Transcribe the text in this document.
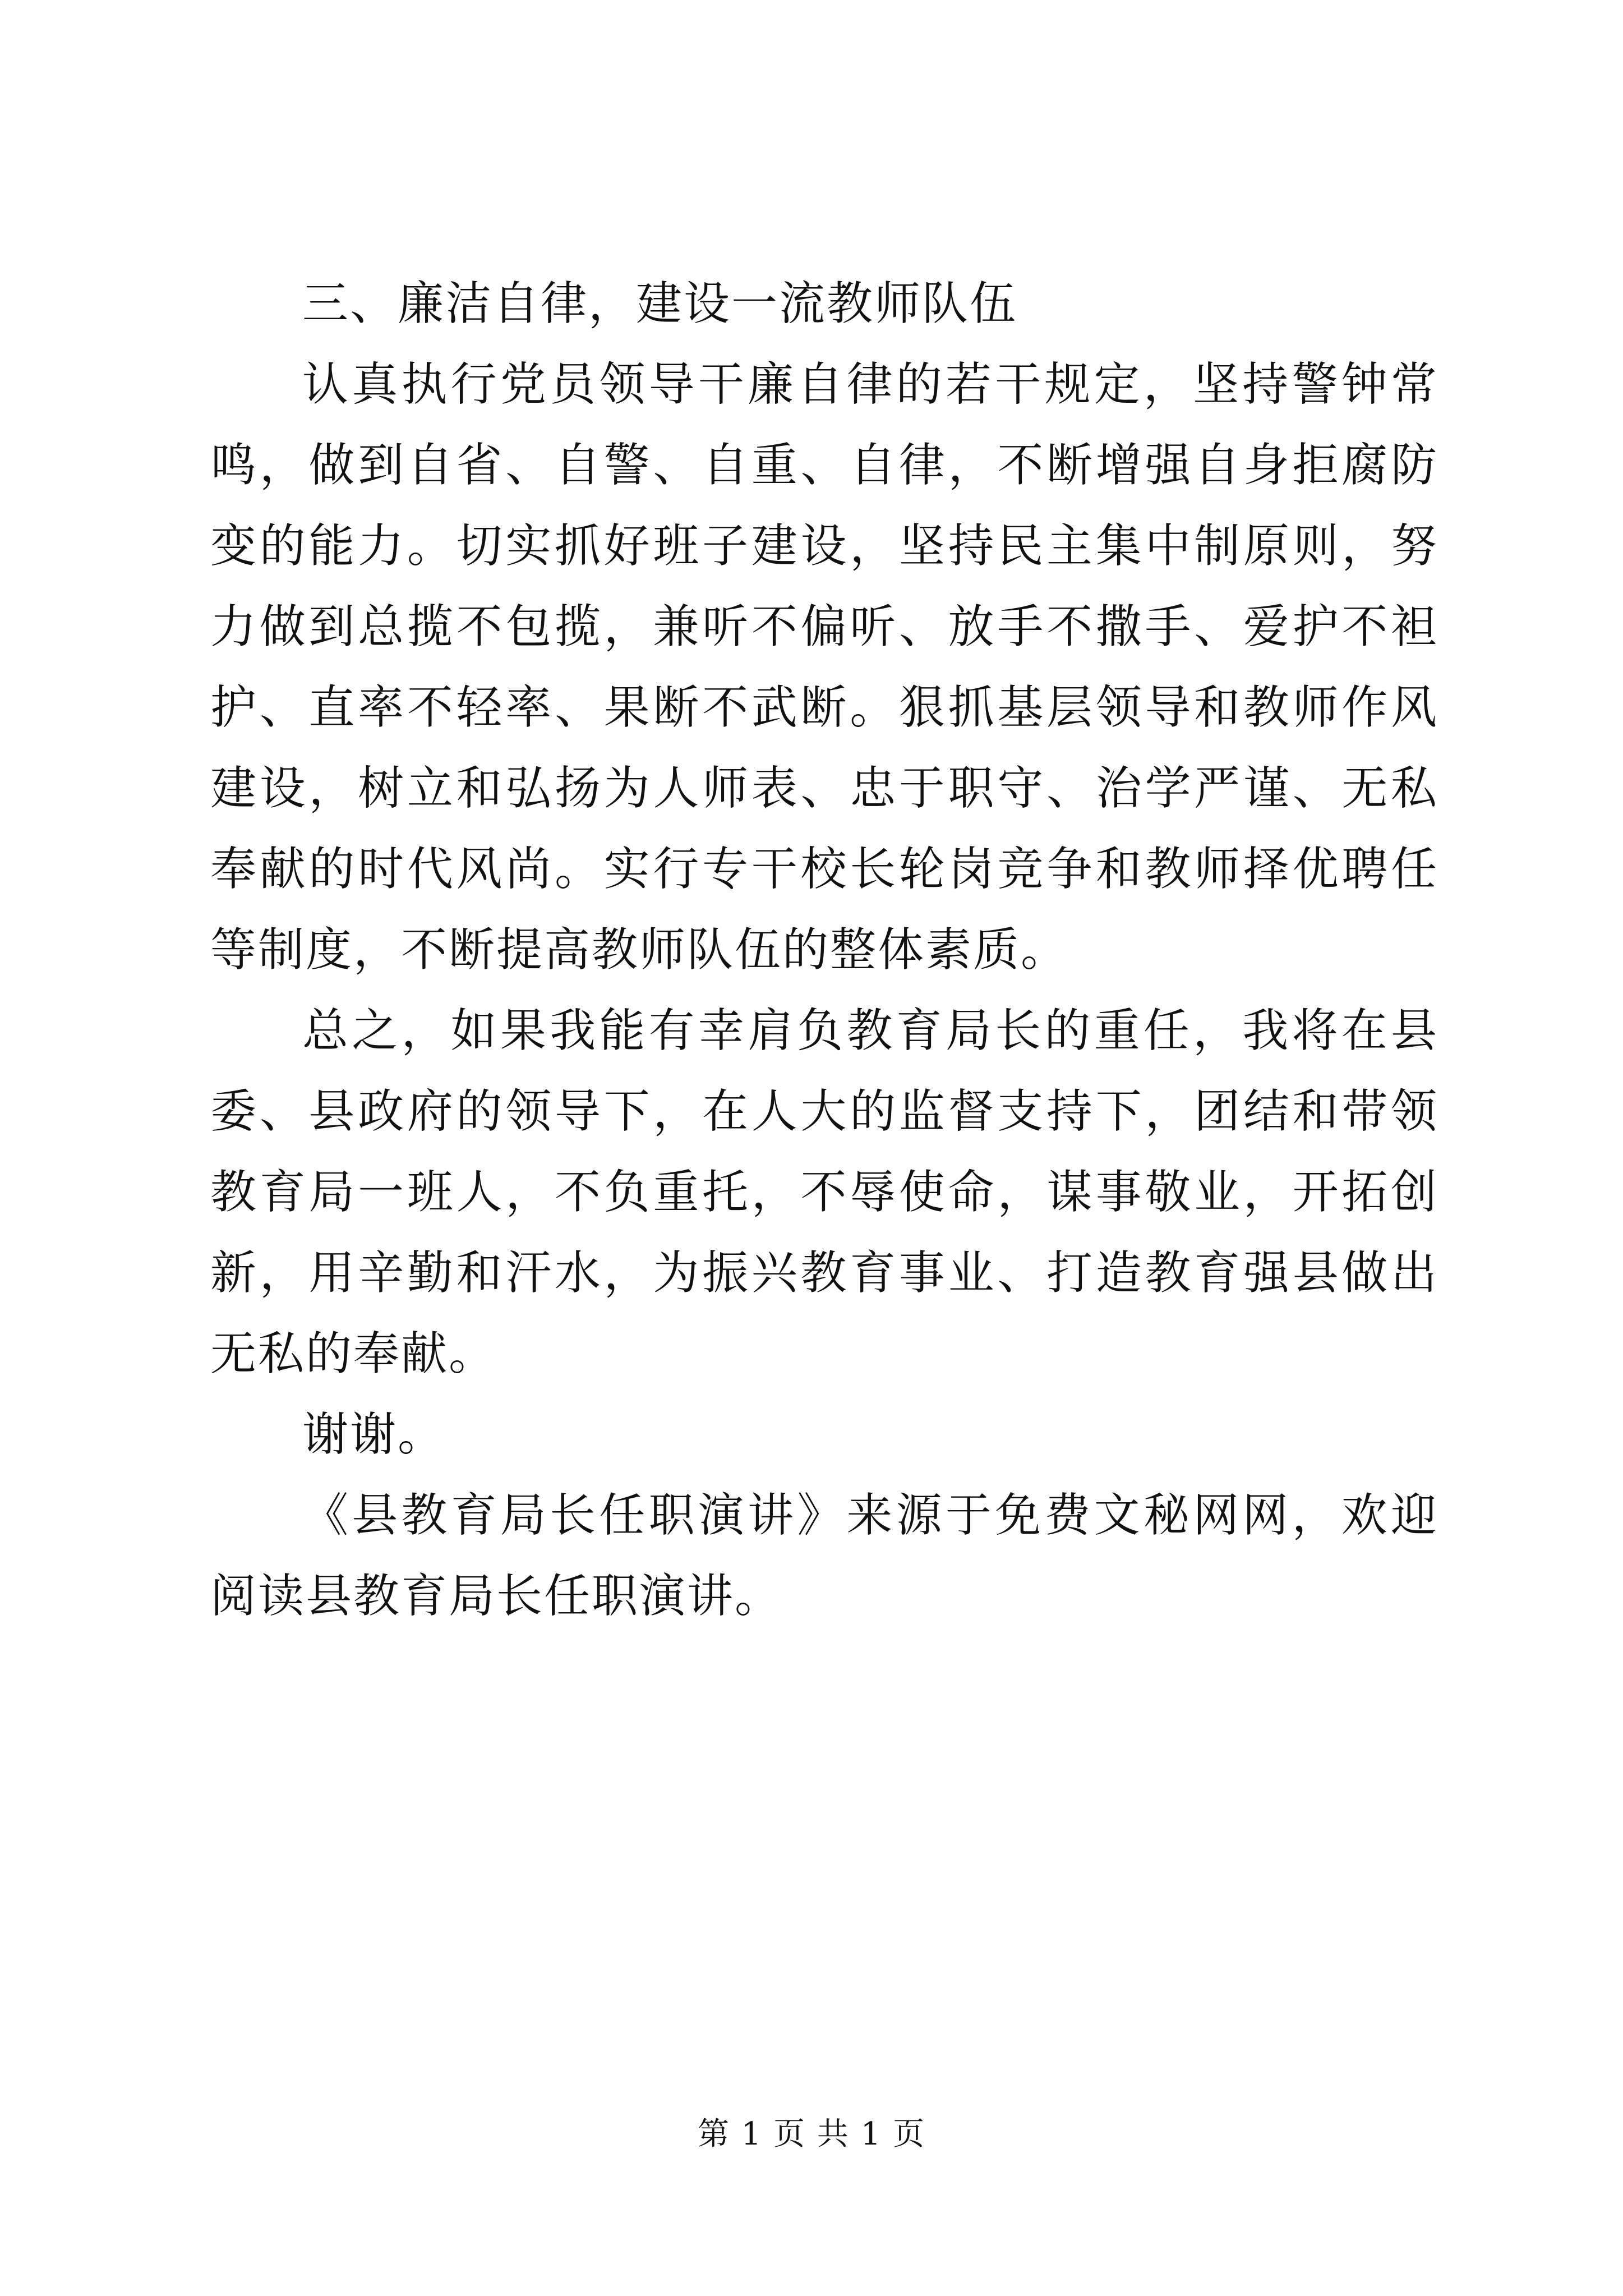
三、廉洁自律，建设一流教师队伍

认真执行党员领导干廉自律的若干规定，坚持警钟常鸣，做到自省、自警、自重、自律，不断增强自身拒腐防变的能力。切实抓好班子建设，坚持民主集中制原则，努力做到总揽不包揽，兼听不偏听、放手不撒手、爱护不袒护、直率不轻率、果断不武断。狠抓基层领导和教师作风建设，树立和弘扬为人师表、忠于职守、治学严谨、无私奉献的时代风尚。实行专干校长轮岗竞争和教师择优聘任等制度，不断提高教师队伍的整体素质。

总之，如果我能有幸肩负教育局长的重任，我将在县委、县政府的领导下，在人大的监督支持下，团结和带领教育局一班人，不负重托，不辱使命，谋事敬业，开拓创新，用辛勤和汗水，为振兴教育事业、打造教育强县做出无私的奉献。

谢谢。

《县教育局长任职演讲》来源于免费文秘网网，欢迎阅读县教育局长任职演讲。

第 1 页 共 1 页
